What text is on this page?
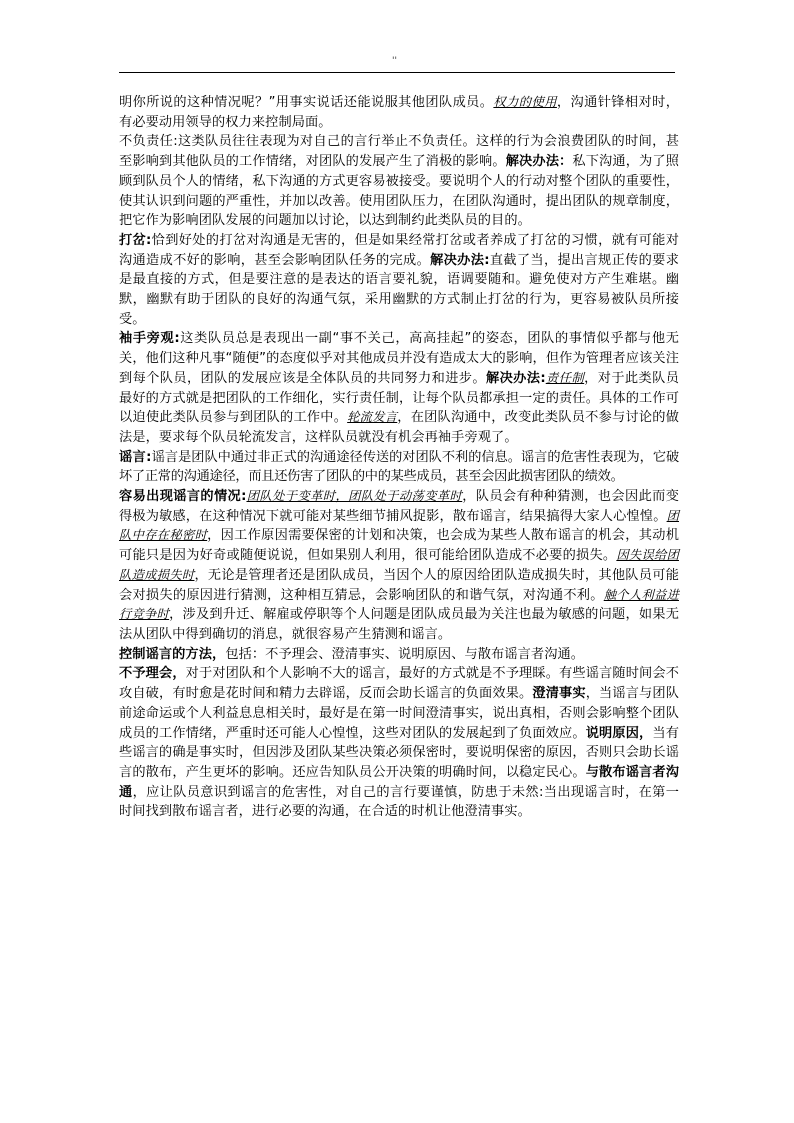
''

明你所说的这种情况呢？”用事实说话还能说服其他团队成员。权力的使用，沟通针锋相对时，有必要动用领导的权力来控制局面。

不负责任:这类队员往往表现为对自己的言行举止不负责任。这样的行为会浪费团队的时间，甚至影响到其他队员的工作情绪，对团队的发展产生了消极的影响。解决办法：私下沟通，为了照顾到队员个人的情绪，私下沟通的方式更容易被接受。要说明个人的行动对整个团队的重要性，使其认识到问题的严重性，并加以改善。使用团队压力，在团队沟通时，提出团队的规章制度，把它作为影响团队发展的问题加以讨论，以达到制约此类队员的目的。

打岔:恰到好处的打岔对沟通是无害的，但是如果经常打岔或者养成了打岔的习惯，就有可能对沟通造成不好的影响，甚至会影响团队任务的完成。解决办法:直截了当，提出言规正传的要求是最直接的方式，但是要注意的是表达的语言要礼貌，语调要随和。避免使对方产生难堪。幽默，幽默有助于团队的良好的沟通气氛，采用幽默的方式制止打岔的行为，更容易被队员所接受。

袖手旁观:这类队员总是表现出一副“事不关己，高高挂起”的姿态，团队的事情似乎都与他无关，他们这种凡事“随便”的态度似乎对其他成员并没有造成太大的影响，但作为管理者应该关注到每个队员，团队的发展应该是全体队员的共同努力和进步。解决办法:责任制，对于此类队员最好的方式就是把团队的工作细化，实行责任制，让每个队员都承担一定的责任。具体的工作可以迫使此类队员参与到团队的工作中。轮流发言，在团队沟通中，改变此类队员不参与讨论的做法是，要求每个队员轮流发言，这样队员就没有机会再袖手旁观了。

谣言:谣言是团队中通过非正式的沟通途径传送的对团队不利的信息。谣言的危害性表现为，它破坏了正常的沟通途径，而且还伤害了团队的中的某些成员，甚至会因此损害团队的绩效。

容易出现谣言的情况:团队处于变革时，团队处于动荡变革时，队员会有种种猜测，也会因此而变得极为敏感，在这种情况下就可能对某些细节捕风捉影，散布谣言，结果搞得大家人心惶惶。团队中存在秘密时，因工作原因需要保密的计划和决策，也会成为某些人散布谣言的机会，其动机可能只是因为好奇或随便说说，但如果别人利用，很可能给团队造成不必要的损失。因失误给团队造成损失时，无论是管理者还是团队成员，当因个人的原因给团队造成损失时，其他队员可能会对损失的原因进行猜测，这种相互猜忌，会影响团队的和谐气氛，对沟通不利。触个人利益进行竞争时，涉及到升迁、解雇或停职等个人问题是团队成员最为关注也最为敏感的问题，如果无法从团队中得到确切的消息，就很容易产生猜测和谣言。

控制谣言的方法，包括：不予理会、澄清事实、说明原因、与散布谣言者沟通。

不予理会，对于对团队和个人影响不大的谣言，最好的方式就是不予理睬。有些谣言随时间会不攻自破，有时愈是花时间和精力去辟谣，反而会助长谣言的负面效果。澄清事实，当谣言与团队前途命运或个人利益息息相关时，最好是在第一时间澄清事实，说出真相，否则会影响整个团队成员的工作情绪，严重时还可能人心惶惶，这些对团队的发展起到了负面效应。说明原因，当有些谣言的确是事实时，但因涉及团队某些决策必须保密时，要说明保密的原因，否则只会助长谣言的散布，产生更坏的影响。还应告知队员公开决策的明确时间，以稳定民心。与散布谣言者沟通，应让队员意识到谣言的危害性，对自己的言行要谨慎，防患于未然:当出现谣言时，在第一时间找到散布谣言者，进行必要的沟通，在合适的时机让他澄清事实。
